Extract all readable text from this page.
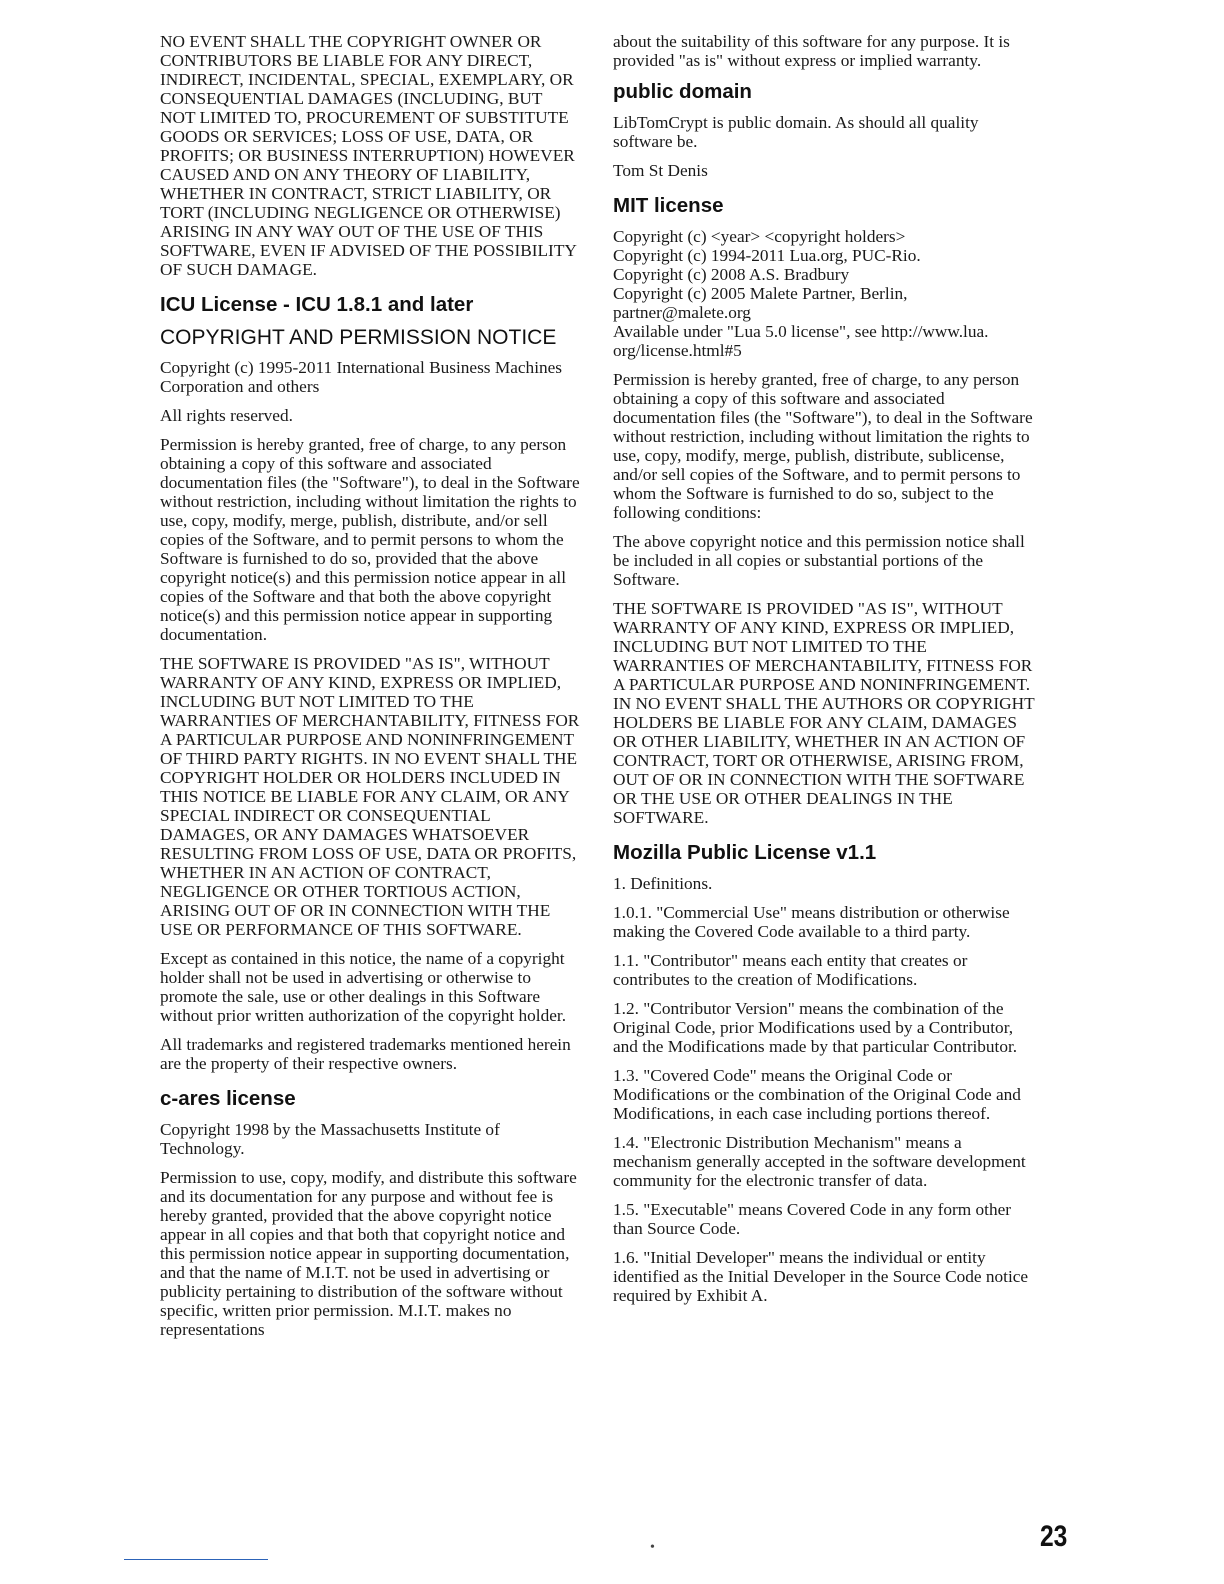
NO EVENT SHALL THE COPYRIGHT OWNER OR CONTRIBUTORS BE LIABLE FOR ANY DIRECT, INDIRECT, INCIDENTAL, SPECIAL, EXEMPLARY, OR CONSEQUENTIAL DAMAGES (INCLUDING, BUT NOT LIMITED TO, PROCUREMENT OF SUBSTITUTE GOODS OR SERVICES; LOSS OF USE, DATA, OR PROFITS; OR BUSINESS INTERRUPTION) HOWEVER CAUSED AND ON ANY THEORY OF LIABILITY, WHETHER IN CONTRACT, STRICT LIABILITY, OR TORT (INCLUDING NEGLIGENCE OR OTHERWISE) ARISING IN ANY WAY OUT OF THE USE OF THIS SOFTWARE, EVEN IF ADVISED OF THE POSSIBILITY OF SUCH DAMAGE.

ICU License - ICU 1.8.1 and later
COPYRIGHT AND PERMISSION NOTICE

Copyright (c) 1995-2011 International Business Machines Corporation and others

All rights reserved.

Permission is hereby granted, free of charge, to any person obtaining a copy of this software and associated documentation files (the "Software"), to deal in the Software without restriction, including without limitation the rights to use, copy, modify, merge, publish, distribute, and/or sell copies of the Software, and to permit persons to whom the Software is furnished to do so, provided that the above copyright notice(s) and this permission notice appear in all copies of the Software and that both the above copyright notice(s) and this permission notice appear in supporting documentation.

THE SOFTWARE IS PROVIDED "AS IS", WITHOUT WARRANTY OF ANY KIND, EXPRESS OR IMPLIED, INCLUDING BUT NOT LIMITED TO THE WARRANTIES OF MERCHANTABILITY, FITNESS FOR A PARTICULAR PURPOSE AND NONINFRINGEMENT OF THIRD PARTY RIGHTS. IN NO EVENT SHALL THE COPYRIGHT HOLDER OR HOLDERS INCLUDED IN THIS NOTICE BE LIABLE FOR ANY CLAIM, OR ANY SPECIAL INDIRECT OR CONSEQUENTIAL DAMAGES, OR ANY DAMAGES WHATSOEVER RESULTING FROM LOSS OF USE, DATA OR PROFITS, WHETHER IN AN ACTION OF CONTRACT, NEGLIGENCE OR OTHER TORTIOUS ACTION, ARISING OUT OF OR IN CONNECTION WITH THE USE OR PERFORMANCE OF THIS SOFTWARE.

Except as contained in this notice, the name of a copyright holder shall not be used in advertising or otherwise to promote the sale, use or other dealings in this Software without prior written authorization of the copyright holder.

All trademarks and registered trademarks mentioned herein are the property of their respective owners.

c-ares license

Copyright 1998 by the Massachusetts Institute of Technology.

Permission to use, copy, modify, and distribute this software and its documentation for any purpose and without fee is hereby granted, provided that the above copyright notice appear in all copies and that both that copyright notice and this permission notice appear in supporting documentation, and that the name of M.I.T. not be used in advertising or publicity pertaining to distribution of the software without specific, written prior permission. M.I.T. makes no representations

about the suitability of this software for any purpose. It is provided "as is" without express or implied warranty.

public domain

LibTomCrypt is public domain. As should all quality software be.

Tom St Denis

MIT license
Copyright (c) <year> <copyright holders>
Copyright (c) 1994-2011 Lua.org, PUC-Rio.
Copyright (c) 2008 A.S. Bradbury
Copyright (c) 2005 Malete Partner, Berlin,
partner@malete.org
Available under "Lua 5.0 license", see http://www.lua.
org/license.html#5

Permission is hereby granted, free of charge, to any person obtaining a copy of this software and associated documentation files (the "Software"), to deal in the Software without restriction, including without limitation the rights to use, copy, modify, merge, publish, distribute, sublicense, and/or sell copies of the Software, and to permit persons to whom the Software is furnished to do so, subject to the following conditions:

The above copyright notice and this permission notice shall be included in all copies or substantial portions of the Software.

THE SOFTWARE IS PROVIDED "AS IS", WITHOUT WARRANTY OF ANY KIND, EXPRESS OR IMPLIED, INCLUDING BUT NOT LIMITED TO THE WARRANTIES OF MERCHANTABILITY, FITNESS FOR A PARTICULAR PURPOSE AND NONINFRINGEMENT. IN NO EVENT SHALL THE AUTHORS OR COPYRIGHT HOLDERS BE LIABLE FOR ANY CLAIM, DAMAGES OR OTHER LIABILITY, WHETHER IN AN ACTION OF CONTRACT, TORT OR OTHERWISE, ARISING FROM, OUT OF OR IN CONNECTION WITH THE SOFTWARE OR THE USE OR OTHER DEALINGS IN THE SOFTWARE.

Mozilla Public License v1.1

1. Definitions.

1.0.1. "Commercial Use" means distribution or otherwise making the Covered Code available to a third party.

1.1. "Contributor" means each entity that creates or contributes to the creation of Modifications.

1.2. "Contributor Version" means the combination of the Original Code, prior Modifications used by a Contributor, and the Modifications made by that particular Contributor.

1.3. "Covered Code" means the Original Code or Modifications or the combination of the Original Code and Modifications, in each case including portions thereof.

1.4. "Electronic Distribution Mechanism" means a mechanism generally accepted in the software development community for the electronic transfer of data.

1.5. "Executable" means Covered Code in any form other than Source Code.

1.6. "Initial Developer" means the individual or entity identified as the Initial Developer in the Source Code notice required by Exhibit A.

23
•
